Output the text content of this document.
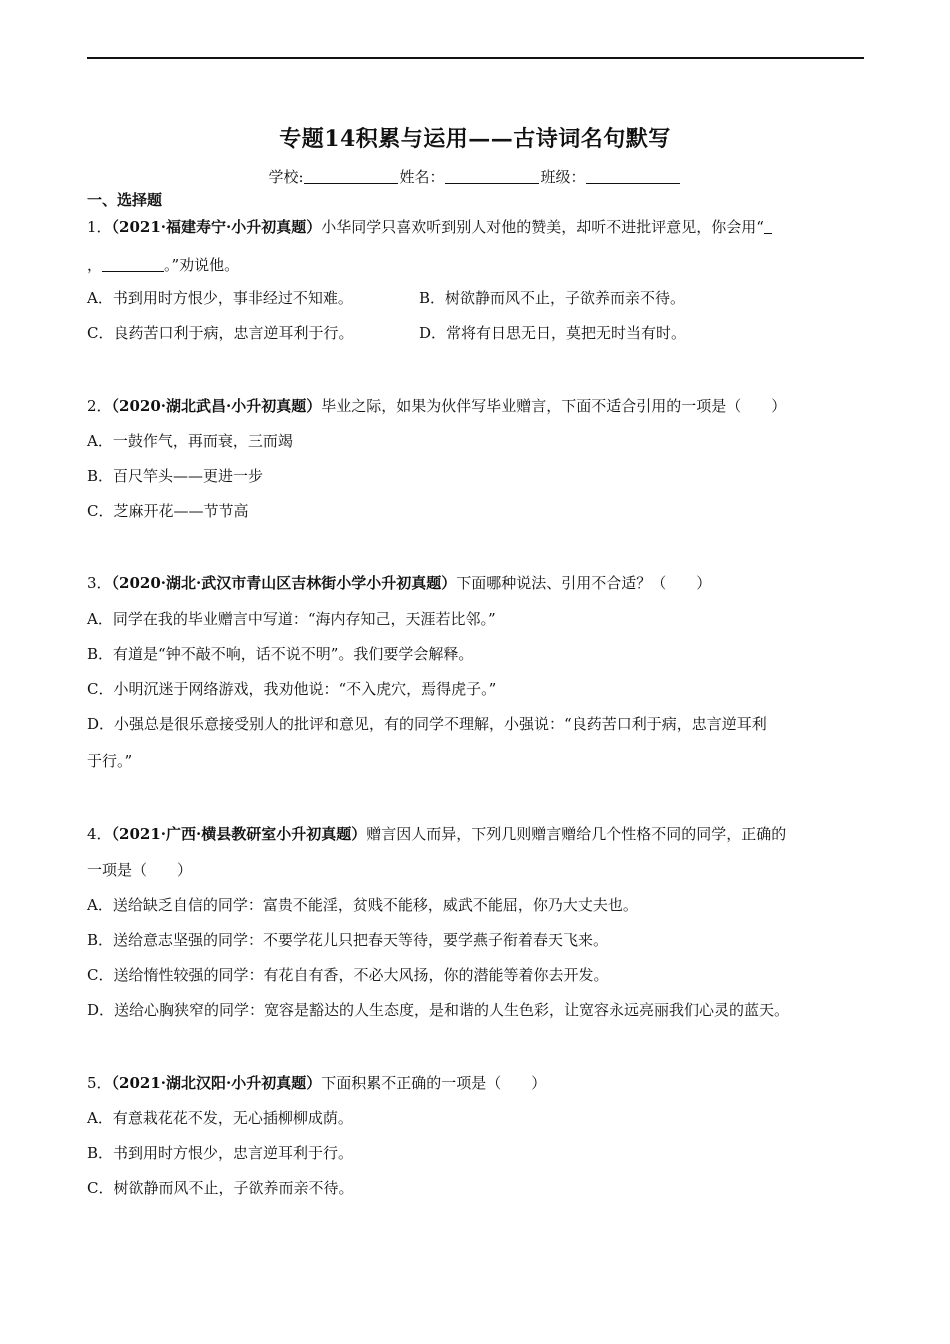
专题14积累与运用——古诗词名句默写
学校:	姓名：	班级：
一、选择题
1．（2021·福建寿宁·小升初真题）小华同学只喜欢听到别人对他的赞美，却听不进批评意见，你会用“
，	。”劝说他。
A．书到用时方恨少，事非经过不知难。	B．树欲静而风不止，子欲养而亲不待。
C．良药苦口利于病，忠言逆耳利于行。	D．常将有日思无日，莫把无时当有时。
2．（2020·湖北武昌·小升初真题）毕业之际，如果为伙伴写毕业赠言，下面不适合引用的一项是（　　）
A．一鼓作气，再而衰，三而竭
B．百尺竿头——更进一步
C．芝麻开花——节节高
3．（2020·湖北·武汉市青山区吉林街小学小升初真题）下面哪种说法、引用不合适？（　　）
A．同学在我的毕业赠言中写道：“海内存知己，天涯若比邻。”
B．有道是“钟不敲不响，话不说不明”。我们要学会解释。
C．小明沉迷于网络游戏，我劝他说：“不入虎穴，焉得虎子。”
D．小强总是很乐意接受别人的批评和意见，有的同学不理解，小强说：“良药苦口利于病，忠言逆耳利
于行。”
4．（2021·广西·横县教研室小升初真题）赠言因人而异，下列几则赠言赠给几个性格不同的同学，正确的
一项是（　　）
A．送给缺乏自信的同学：富贵不能淫，贫贱不能移，威武不能屈，你乃大丈夫也。
B．送给意志坚强的同学：不要学花儿只把春天等待，要学燕子衔着春天飞来。
C．送给惰性较强的同学：有花自有香，不必大风扬，你的潜能等着你去开发。
D．送给心胸狭窄的同学：宽容是豁达的人生态度，是和谐的人生色彩，让宽容永远亮丽我们心灵的蓝天。
5．（2021·湖北汉阳·小升初真题）下面积累不正确的一项是（　　）
A．有意栽花花不发，无心插柳柳成荫。
B．书到用时方恨少，忠言逆耳利于行。
C．树欲静而风不止，子欲养而亲不待。
